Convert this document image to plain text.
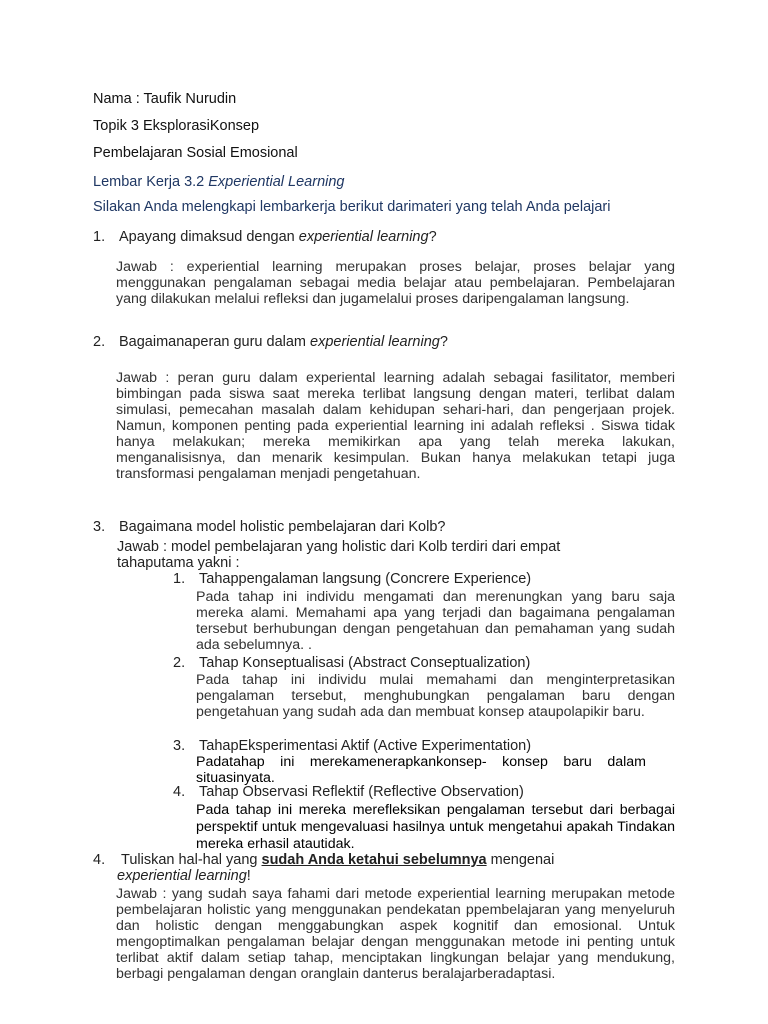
Nama : Taufik Nurudin
Topik 3 EksplorasiKonsep
Pembelajaran Sosial Emosional
Lembar Kerja 3.2 Experiential Learning
Silakan Anda melengkapi lembarkerja berikut darimateri yang telah Anda pelajari
1. Apayang dimaksud dengan experiential learning?
Jawab : experiential learning merupakan proses belajar, proses belajar yang menggunakan pengalaman sebagai media belajar atau pembelajaran. Pembelajaran yang dilakukan melalui refleksi dan jugamelalui proses daripengalaman langsung.
2. Bagaimanaperan guru dalam experiential learning?
Jawab : peran guru dalam experiental learning adalah sebagai fasilitator, memberi bimbingan pada siswa saat mereka terlibat langsung dengan materi, terlibat dalam simulasi, pemecahan masalah dalam kehidupan sehari-hari, dan pengerjaan projek. Namun, komponen penting pada experiential learning ini adalah refleksi . Siswa tidak hanya melakukan; mereka memikirkan apa yang telah mereka lakukan, menganalisisnya, dan menarik kesimpulan. Bukan hanya melakukan tetapi juga transformasi pengalaman menjadi pengetahuan.
3. Bagaimana model holistic pembelajaran dari Kolb?
Jawab : model pembelajaran yang holistic dari Kolb terdiri dari empat
tahaputama yakni :
1. Tahappengalaman langsung (Concrere Experience)
Pada tahap ini individu mengamati dan merenungkan yang baru saja mereka alami. Memahami apa yang terjadi dan bagaimana pengalaman tersebut berhubungan dengan pengetahuan dan pemahaman yang sudah ada sebelumnya. .
2. Tahap Konseptualisasi (Abstract Conseptualization)
Pada tahap ini individu mulai memahami dan menginterpretasikan pengalaman tersebut, menghubungkan pengalaman baru dengan pengetahuan yang sudah ada dan membuat konsep ataupolapikir baru.
3. TahapEksperimentasi Aktif (Active Experimentation)
Padatahap ini merekamenerapkankonsep- konsep baru dalam situasinyata.
4. Tahap Observasi Reflektif (Reflective Observation)
Pada tahap ini mereka merefleksikan pengalaman tersebut dari berbagai perspektif untuk mengevaluasi hasilnya untuk mengetahui apakah Tindakan mereka erhasil atautidak.
4. Tuliskan hal-hal yang sudah Anda ketahui sebelumnya mengenai
experiential learning!
Jawab : yang sudah saya fahami dari metode experiential learning merupakan metode pembelajaran holistic yang menggunakan pendekatan ppembelajaran yang menyeluruh dan holistic dengan menggabungkan aspek kognitif dan emosional. Untuk mengoptimalkan pengalaman belajar dengan menggunakan metode ini penting untuk terlibat aktif dalam setiap tahap, menciptakan lingkungan belajar yang mendukung, berbagi pengalaman dengan oranglain danterus beralajarberadaptasi.
